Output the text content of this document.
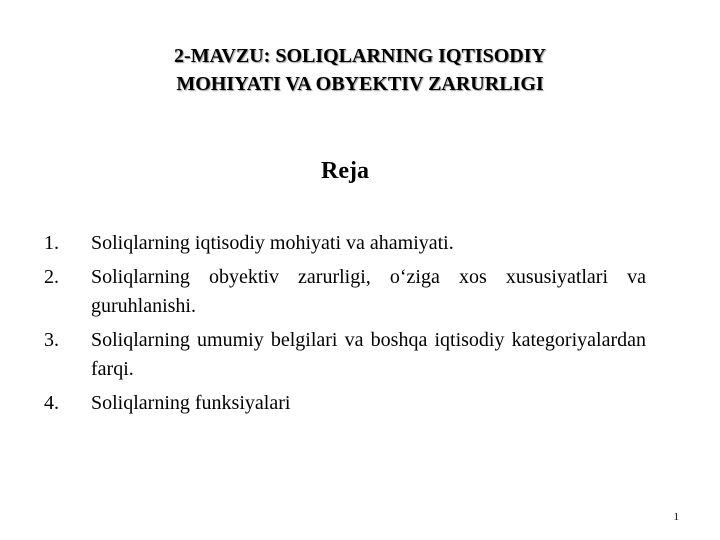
2-MAVZU: SOLIQLARNING IQTISODIY
MOHIYATI VA OBYEKTIV ZARURLIGI
Reja
1. Soliqlarning iqtisodiy mohiyati va ahamiyati.
2. Soliqlarning obyektiv zarurligi, o‘ziga xos xususiyatlari va guruhlanishi.
3. Soliqlarning umumiy belgilari va boshqa iqtisodiy kategoriyalardan farqi.
4. Soliqlarning funksiyalari
1
